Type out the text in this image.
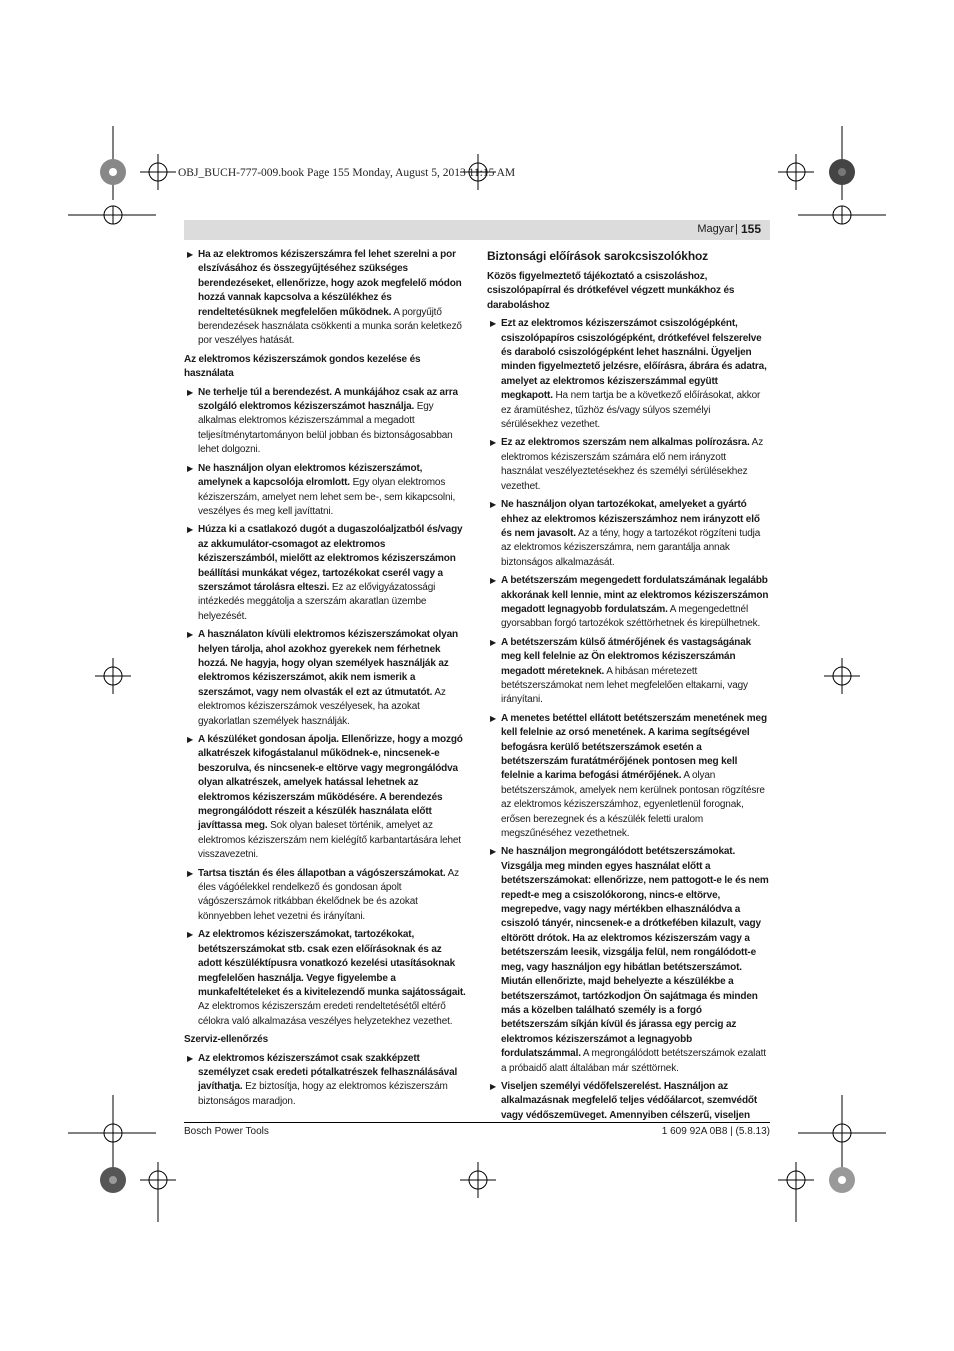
OBJ_BUCH-777-009.book Page 155 Monday, August 5, 2013 11:15 AM
Magyar | 155
▶ Ha az elektromos kéziszerszámra fel lehet szerelni a por elszívásához és összegyűjtéséhez szükséges berendezéseket, ellenőrizze, hogy azok megfelelő módon hozzá vannak kapcsolva a készülékhez és rendeltetésüknek megfelelően működnek. A porgyűjtő berendezések használata csökkenti a munka során keletkező por veszélyes hatását.
Az elektromos kéziszerszámok gondos kezelése és használata
▶ Ne terhelje túl a berendezést. A munkájához csak az arra szolgáló elektromos kéziszerszámot használja. Egy alkalmas elektromos kéziszerszámmal a megadott teljesítménytartományon belül jobban és biztonságosabban lehet dolgozni.
▶ Ne használjon olyan elektromos kéziszerszámot, amelynek a kapcsolója elromlott. Egy olyan elektromos kéziszerszám, amelyet nem lehet sem be-, sem kikapcsolni, veszélyes és meg kell javíttatni.
▶ Húzza ki a csatlakozó dugót a dugaszolóaljzatból és/vagy az akkumulátor-csomagot az elektromos kéziszerszámból, mielőtt az elektromos kéziszerszámon beállítási munkákat végez, tartozékokat cserél vagy a szerszámot tárolásra elteszi. Ez az elővigyázatossági intézkedés meggátolja a szerszám akaratlan üzembe helyezését.
▶ A használaton kívüli elektromos kéziszerszámokat olyan helyen tárolja, ahol azokhoz gyerekek nem férhetnek hozzá. Ne hagyja, hogy olyan személyek használják az elektromos kéziszerszámot, akik nem ismerik a szerszámot, vagy nem olvasták el ezt az útmutatót. Az elektromos kéziszerszámok veszélyesek, ha azokat gyakorlatlan személyek használják.
▶ A készüléket gondosan ápolja. Ellenőrizze, hogy a mozgó alkatrészek kifogástalanul működnek-e, nincsenek-e beszorulva, és nincsenek-e eltörve vagy megrongálódva olyan alkatrészek, amelyek hatással lehetnek az elektromos kéziszerszám működésére. A berendezés megrongálódott részeit a készülék használata előtt javíttassa meg. Sok olyan baleset történik, amelyet az elektromos kéziszerszám nem kielégítő karbantartására lehet visszavezetni.
▶ Tartsa tisztán és éles állapotban a vágószerszámokat. Az éles vágóélekkel rendelkező és gondosan ápolt vágószerszámok ritkábban ékelődnek be és azokat könnyebben lehet vezetni és irányítani.
▶ Az elektromos kéziszerszámokat, tartozékokat, betétszerszámokat stb. csak ezen előírásoknak és az adott készüléktípusra vonatkozó kezelési utasításoknak megfelelően használja. Vegye figyelembe a munkafeltételeket és a kivitelezendő munka sajátosságait. Az elektromos kéziszerszám eredeti rendeltetésétől eltérő célokra való alkalmazása veszélyes helyzetekhez vezethet.
Szerviz-ellenőrzés
▶ Az elektromos kéziszerszámot csak szakképzett személyzet csak eredeti pótalkatrészek felhasználásával javíthatja. Ez biztosítja, hogy az elektromos kéziszerszám biztonságos maradjon.
Biztonsági előírások sarokcsiszolókhoz
Közös figyelmeztető tájékoztató a csiszoláshoz, csiszolópapírral és drótkefével végzett munkákhoz és daraboláshoz
▶ Ezt az elektromos kéziszerszámot csiszológépként, csiszolópapíros csiszológépként, drótkefével felszerelve és daraboló csiszológépként lehet használni. Ügyeljen minden figyelmeztető jelzésre, előírásra, ábrára és adatra, amelyet az elektromos kéziszerszámmal együtt megkapott. Ha nem tartja be a következő előírásokat, akkor ez áramütéshez, tűzhöz és/vagy súlyos személyi sérülésekhez vezethet.
▶ Ez az elektromos szerszám nem alkalmas polírozásra. Az elektromos kéziszerszám számára elő nem irányzott használat veszélyeztetésekhez és személyi sérülésekhez vezethet.
▶ Ne használjon olyan tartozékokat, amelyeket a gyártó ehhez az elektromos kéziszerszámhoz nem irányzott elő és nem javasolt. Az a tény, hogy a tartozékot rögzíteni tudja az elektromos kéziszerszámra, nem garantálja annak biztonságos alkalmazását.
▶ A betétszerszám megengedett fordulatszámának legalább akkorának kell lennie, mint az elektromos kéziszerszámon megadott legnagyobb fordulatszám. A megengedettnél gyorsabban forgó tartozékok széttörhetnek és kirepülhetnek.
▶ A betétszerszám külső átmérőjének és vastagságának meg kell felelnie az Ön elektromos kéziszerszámán megadott méreteknek. A hibásan méretezett betétszerszámokat nem lehet megfelelően eltakarni, vagy irányítani.
▶ A menetes betéttel ellátott betétszerszám menetének meg kell felelnie az orsó menetének. A karima segítségével befogásra kerülő betétszerszámok esetén a betétszerszám furatátmérőjének pontosen meg kell felelnie a karima befogási átmérőjének. A olyan betétszerszámok, amelyek nem kerülnek pontosan rögzítésre az elektromos kéziszerszámhoz, egyenletlenül forognak, erősen berezegnek és a készülék feletti uralom megszűnéséhez vezethetnek.
▶ Ne használjon megrongálódott betétszerszámokat. Vizsgálja meg minden egyes használat előtt a betétszerszámokat: ellenőrizze, nem pattogott-e le és nem repedt-e meg a csiszolókorong, nincs-e eltörve, megrepedve, vagy nagy mértékben elhasználódva a csiszoló tányér, nincsenek-e a drótkefében kilazult, vagy eltörött drótok. Ha az elektromos kéziszerszám vagy a betétszerszám leesik, vizsgálja felül, nem rongálódott-e meg, vagy használjon egy hibátlan betétszerszámot. Miután ellenőrizte, majd behelyezte a készülékbe a betétszerszámot, tartózkodjon Ön sajátmaga és minden más a közelben található személy is a forgó betétszerszám síkján kívül és járassa egy percig az elektromos kéziszerszámot a legnagyobb fordulatszámmal. A megrongálódott betétszerszámok ezalatt a próbaidő alatt általában már széttörnek.
▶ Viseljen személyi védőfelszerelést. Használjon az alkalmazásnak megfelelő teljes védőálarcot, szemvédőt vagy védőszemüveget. Amennyiben célszerű, viseljen
Bosch Power Tools	1 609 92A 0B8 | (5.8.13)
